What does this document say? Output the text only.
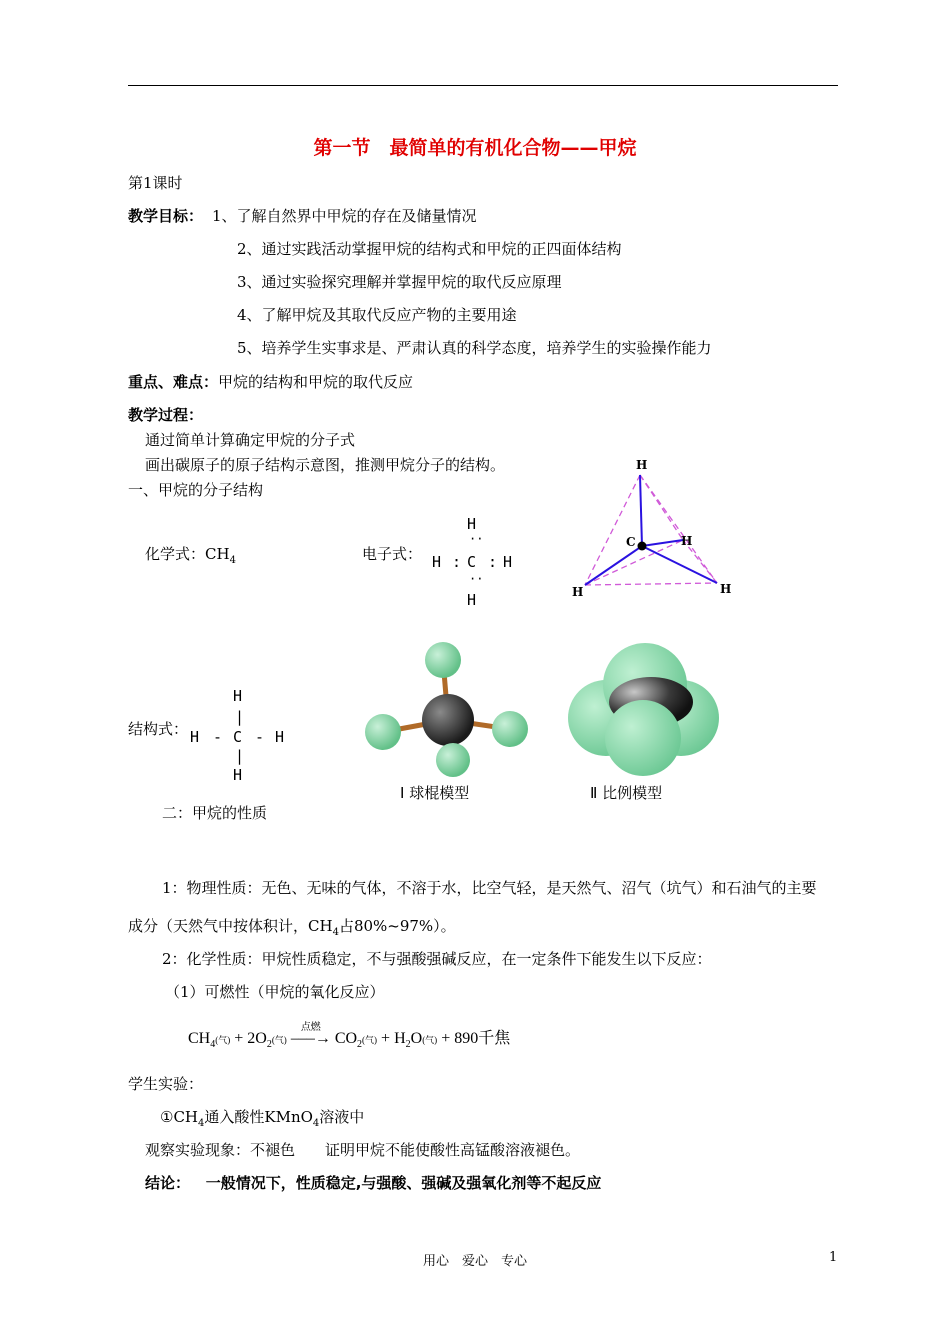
第一节　最简单的有机化合物——甲烷
第1课时
教学目标： 1、了解自然界中甲烷的存在及储量情况
2、通过实践活动掌握甲烷的结构式和甲烷的正四面体结构
3、通过实验探究理解并掌握甲烷的取代反应原理
4、了解甲烷及其取代反应产物的主要用途
5、培养学生实事求是、严肃认真的科学态度，培养学生的实验操作能力
重点、难点：甲烷的结构和甲烷的取代反应
教学过程：
通过简单计算确定甲烷的分子式
画出碳原子的原子结构示意图，推测甲烷分子的结构。
一、甲烷的分子结构
化学式：$CH_4$	电子式：
H
··
H : C : H
··
H
H
C	H
H	H
结构式：
H
|
H - C - H
|
H
Ⅰ 球棍模型	Ⅱ 比例模型
二：甲烷的性质
1：物理性质：无色、无味的气体，不溶于水，比空气轻，是天然气、沼气（坑气）和石油气的主要
成分（天然气中按体积计，$CH_4$占80%~97%）。
2：化学性质：甲烷性质稳定，不与强酸强碱反应，在一定条件下能发生以下反应：
（1）可燃性（甲烷的氧化反应）
$CH_4$(气) + $2O_2$(气)
点燃
–––→ $CO_2$(气) + $H_2O$(气) + 890千焦
学生实验：
$①CH_4$通入酸性KMnO$_4$溶液中
观察实验现象：不褪色　　证明甲烷不能使酸性高锰酸溶液褪色。
结论： 一般情况下，性质稳定,与强酸、强碱及强氧化剂等不起反应
用心　爱心　专心	1
